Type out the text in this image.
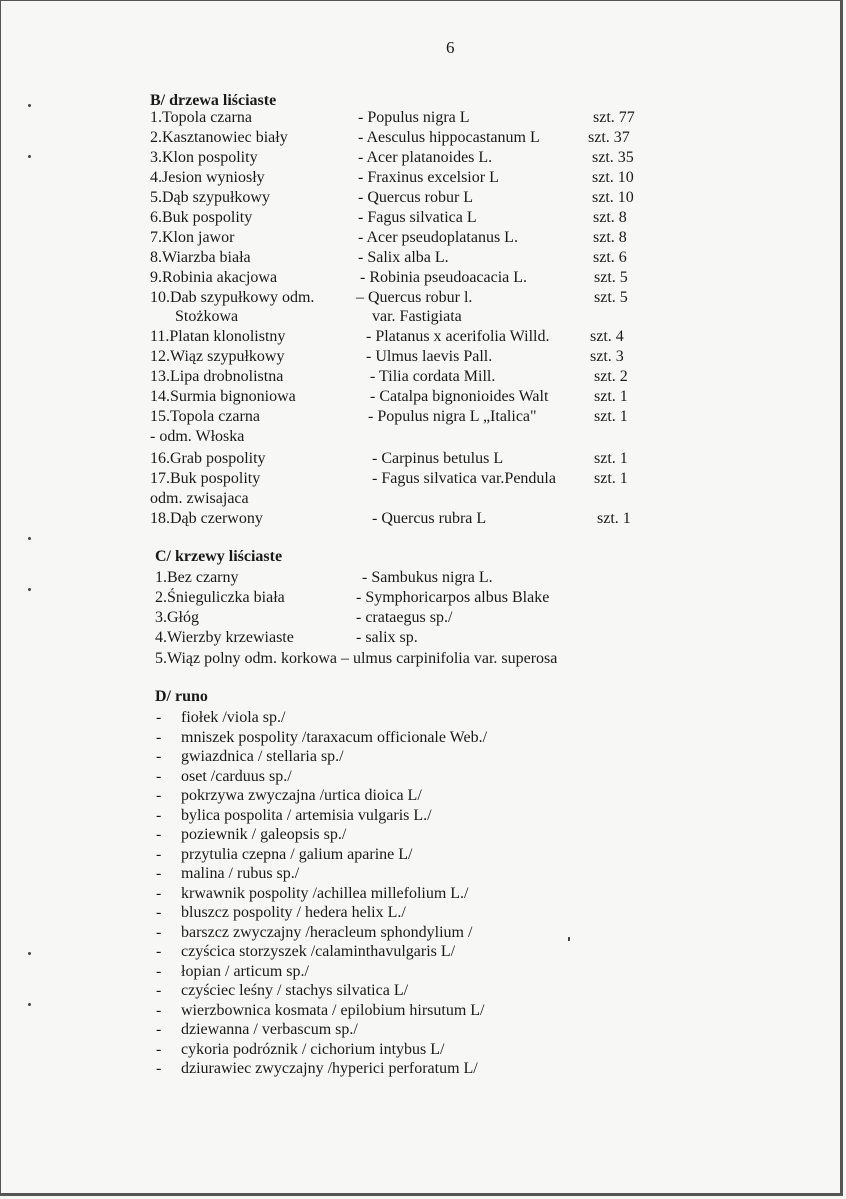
6
B/ drzewa liściaste
1.Topola czarna	- Populus nigra L	szt. 77
2.Kasztanowiec biały	- Aesculus hippocastanum L	szt. 37
3.Klon pospolity	- Acer platanoides L.	szt. 35
4.Jesion wyniosły	- Fraxinus excelsior L	szt. 10
5.Dąb szypułkowy	- Quercus robur L	szt. 10
6.Buk pospolity	- Fagus silvatica L	szt. 8
7.Klon jawor	- Acer pseudoplatanus L.	szt. 8
8.Wiarzba biała	- Salix alba L.	szt. 6
9.Robinia akacjowa	- Robinia pseudoacacia L.	szt. 5
10.Dab szypułkowy odm.	– Quercus robur l.	szt. 5
Stożkowa	var. Fastigiata
11.Platan klonolistny	- Platanus x acerifolia Willd.	szt. 4
12.Wiąz szypułkowy	- Ulmus laevis Pall.	szt. 3
13.Lipa drobnolistna	- Tilia cordata Mill.	szt. 2
14.Surmia bignoniowa	- Catalpa bignonioides Walt	szt. 1
15.Topola czarna	- Populus nigra L „Italica"	szt. 1
- odm. Włoska
16.Grab pospolity	- Carpinus betulus L	szt. 1
17.Buk pospolity	- Fagus silvatica var.Pendula szt. 1
odm. zwisajaca
18.Dąb czerwony	- Quercus rubra L	szt. 1
C/ krzewy liściaste
1.Bez czarny	- Sambukus nigra L.
2.Śnieguliczka biała	- Symphoricarpos albus Blake
3.Głóg	- crataegus sp./
4.Wierzby krzewiaste	- salix sp.
5.Wiąz polny odm. korkowa – ulmus carpinifolia var. superosa
D/ runo
- fiołek /viola sp./
- mniszek pospolity /taraxacum officionale Web./
- gwiazdnica / stellaria sp./
- oset /carduus sp./
- pokrzywa zwyczajna /urtica dioica L/
- bylica pospolita / artemisia vulgaris L./
- poziewnik / galeopsis sp./
- przytulia czepna / galium aparine L/
- malina / rubus sp./
- krwawnik pospolity /achillea millefolium L./
- bluszcz pospolity / hedera helix L./
- barszcz zwyczajny /heracleum sphondylium /
- czyścica storzyszek /calaminthavulgaris L/
- łopian / articum sp./
- czyściec leśny / stachys silvatica L/
- wierzbownica kosmata / epilobium hirsutum L/
- dziewanna / verbascum sp./
- cykoria podróznik / cichorium intybus L/
- dziurawiec zwyczajny /hyperici perforatum L/
